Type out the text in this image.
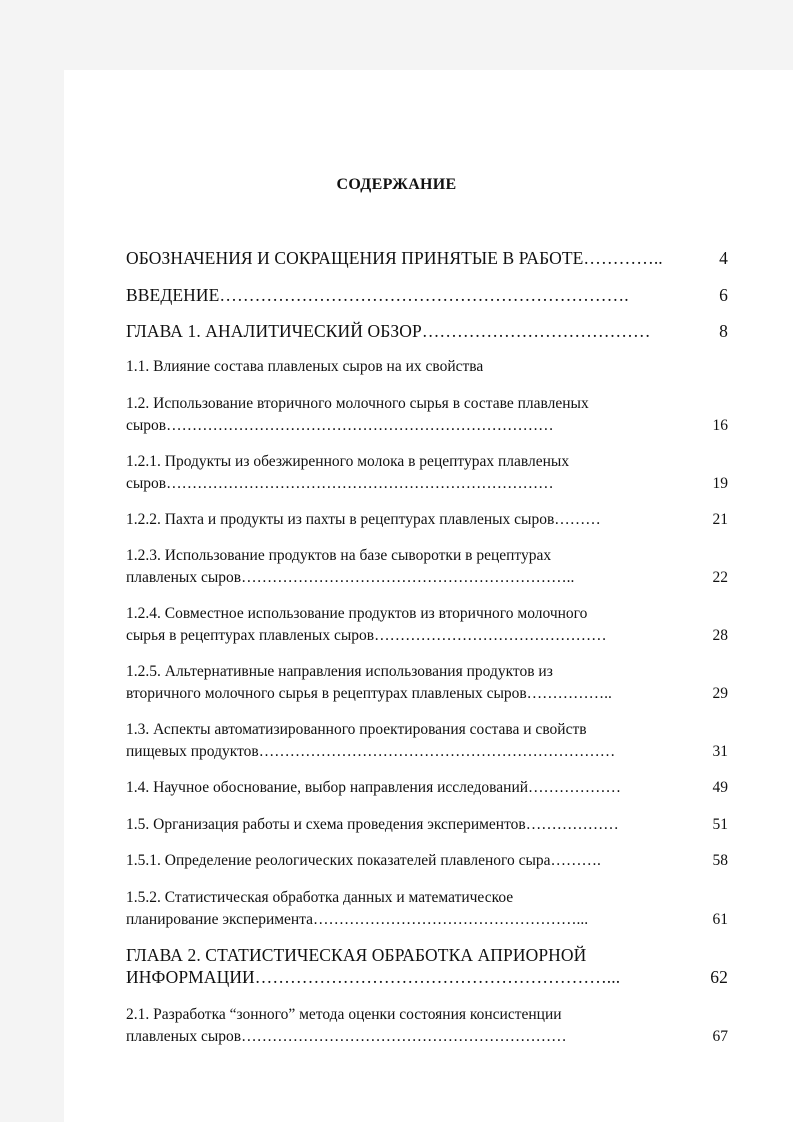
СОДЕРЖАНИЕ
ОБОЗНАЧЕНИЯ И СОКРАЩЕНИЯ ПРИНЯТЫЕ В РАБОТЕ…………..	4
ВВЕДЕНИЕ…………………………………………………………….	6
ГЛАВА 1. АНАЛИТИЧЕСКИЙ ОБЗОР…………………………………	8
1.1. Влияние состава плавленых сыров на их свойства
1.2. Использование вторичного молочного сырья в составе плавленых
сыров…………………………………………………………………	16
1.2.1. Продукты из обезжиренного молока в рецептурах плавленых
сыров…………………………………………………………………	19
1.2.2. Пахта и продукты из пахты в рецептурах плавленых сыров………	21
1.2.3. Использование продуктов на базе сыворотки в рецептурах
плавленых сыров………………………………………………………..	22
1.2.4. Совместное использование продуктов из вторичного молочного
сырья в рецептурах плавленых сыров………………………………………	28
1.2.5. Альтернативные направления использования продуктов из
вторичного молочного сырья в рецептурах плавленых сыров……………..	29
1.3. Аспекты автоматизированного проектирования состава и свойств
пищевых продуктов……………………………………………………………	31
1.4. Научное обоснование, выбор направления исследований………………	49
1.5. Организация работы и схема проведения экспериментов………………	51
1.5.1. Определение реологических показателей плавленого сыра……….	58
1.5.2. Статистическая обработка данных и математическое
планирование эксперимента……………………………………………...	61
ГЛАВА 2. СТАТИСТИЧЕСКАЯ ОБРАБОТКА АПРИОРНОЙ
ИНФОРМАЦИИ……………………………………………………...	62
2.1. Разработка “зонного” метода оценки состояния консистенции
плавленых сыров………………………………………………………	67
